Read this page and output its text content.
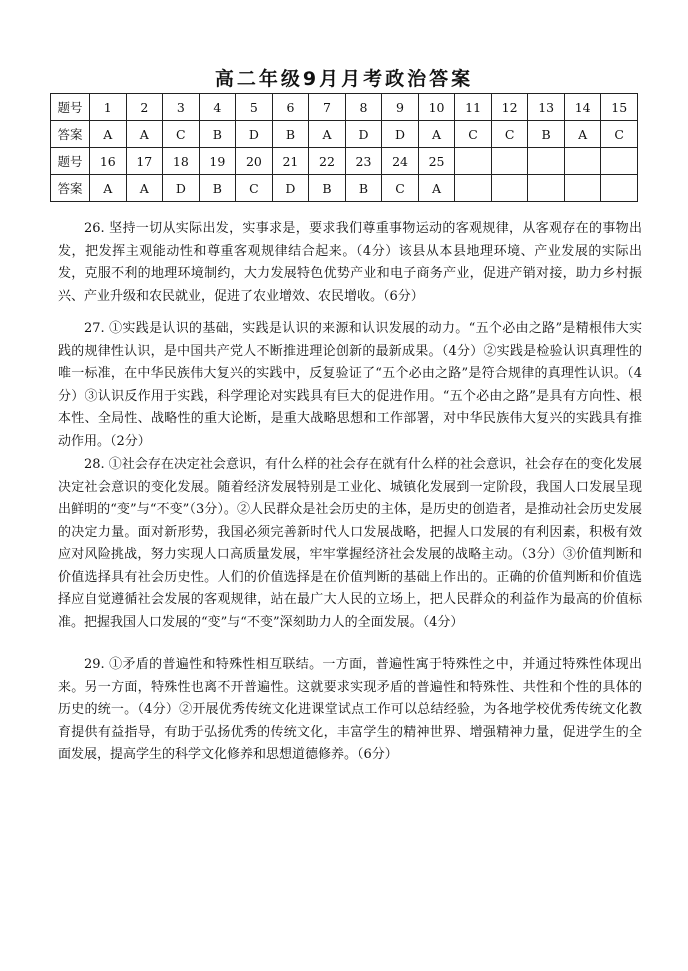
高二年级9月月考政治答案
题号	1	2	3	4	5	6	7	8	9	10	11	12	13	14	15
答案	A	A	C	B	D	B	A	D	D	A	C	C	B	A	C
题号	16	17	18	19	20	21	22	23	24	25					
答案	A	A	D	B	C	D	B	B	C	A					

26. 坚持一切从实际出发，实事求是，要求我们尊重事物运动的客观规律，从客观存在的事物出发，把发挥主观能动性和尊重客观规律结合起来。（4分）该县从本县地理环境、产业发展的实际出发，克服不利的地理环境制约，大力发展特色优势产业和电子商务产业，促进产销对接，助力乡村振兴、产业升级和农民就业，促进了农业增效、农民增收。（6分）

27. ①实践是认识的基础，实践是认识的来源和认识发展的动力。“五个必由之路”是精根伟大实践的规律性认识，是中国共产党人不断推进理论创新的最新成果。（4分）②实践是检验认识真理性的唯一标准，在中华民族伟大复兴的实践中，反复验证了“五个必由之路”是符合规律的真理性认识。（4分）③认识反作用于实践，科学理论对实践具有巨大的促进作用。“五个必由之路”是具有方向性、根本性、全局性、战略性的重大论断，是重大战略思想和工作部署，对中华民族伟大复兴的实践具有推动作用。（2分）

28. ①社会存在决定社会意识，有什么样的社会存在就有什么样的社会意识，社会存在的变化发展决定社会意识的变化发展。随着经济发展特别是工业化、城镇化发展到一定阶段，我国人口发展呈现出鲜明的“变”与“不变”（3分）。②人民群众是社会历史的主体，是历史的创造者，是推动社会历史发展的决定力量。面对新形势，我国必须完善新时代人口发展战略，把握人口发展的有利因素，积极有效应对风险挑战，努力实现人口高质量发展，牢牢掌握经济社会发展的战略主动。（3分）③价值判断和价值选择具有社会历史性。人们的价值选择是在价值判断的基础上作出的。正确的价值判断和价值选择应自觉遵循社会发展的客观规律，站在最广大人民的立场上，把人民群众的利益作为最高的价值标准。把握我国人口发展的“变”与“不变”深刻助力人的全面发展。（4分）

29. ①矛盾的普遍性和特殊性相互联结。一方面，普遍性寓于特殊性之中，并通过特殊性体现出来。另一方面，特殊性也离不开普遍性。这就要求实现矛盾的普遍性和特殊性、共性和个性的具体的历史的统一。（4分）②开展优秀传统文化进课堂试点工作可以总结经验，为各地学校优秀传统文化教育提供有益指导，有助于弘扬优秀的传统文化，丰富学生的精神世界、增强精神力量，促进学生的全面发展，提高学生的科学文化修养和思想道德修养。（6分）
